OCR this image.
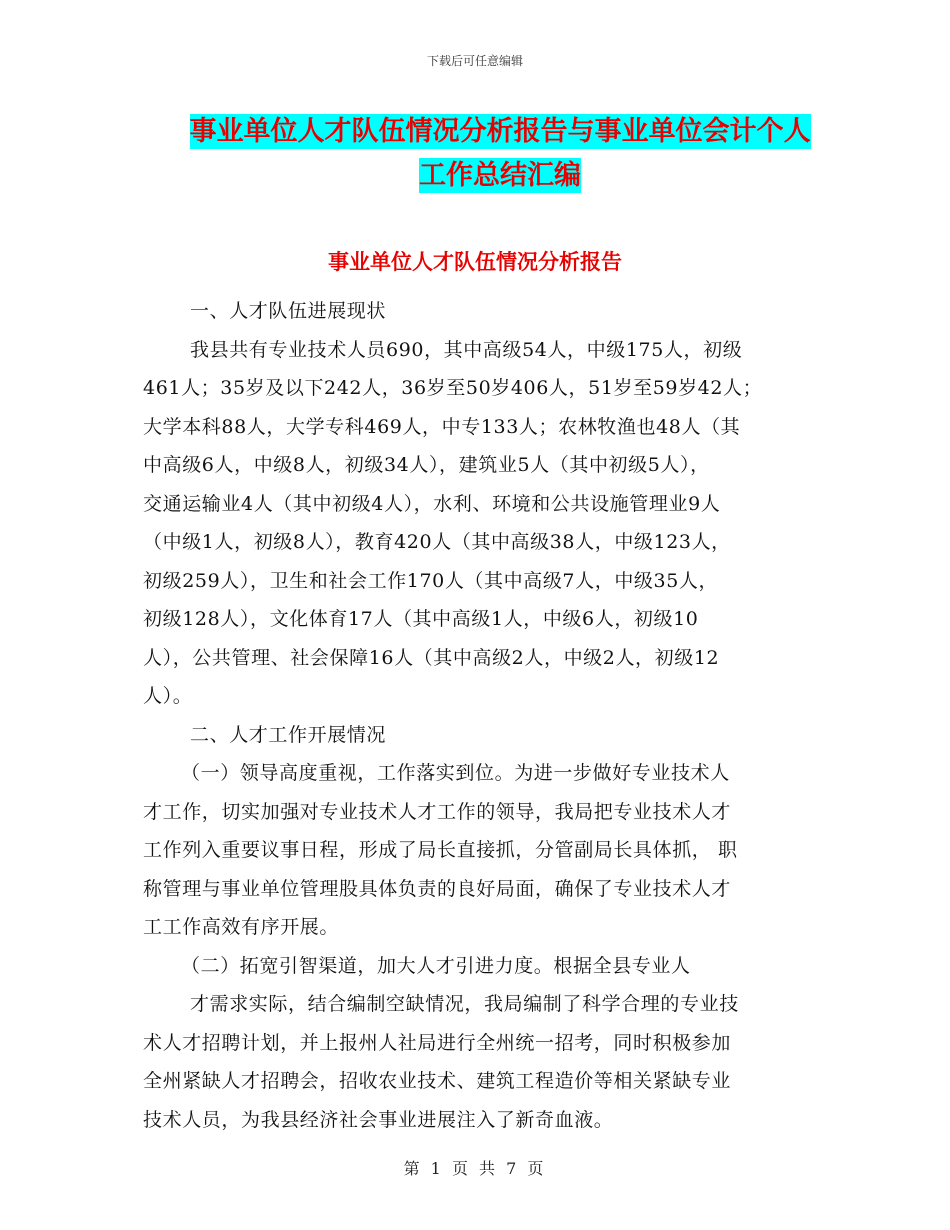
下载后可任意编辑
事业单位人才队伍情况分析报告与事业单位会计个人
工作总结汇编
事业单位人才队伍情况分析报告
一、人才队伍进展现状
我县共有专业技术人员690，其中高级54人，中级175人，初级
461人；35岁及以下242人，36岁至50岁406人，51岁至59岁42人；
大学本科88人，大学专科469人，中专133人；农林牧渔也48人（其
中高级6人，中级8人，初级34人），建筑业5人（其中初级5人），
交通运输业4人（其中初级4人），水利、环境和公共设施管理业9人
（中级1人，初级8人），教育420人（其中高级38人，中级123人，
初级259人），卫生和社会工作170人（其中高级7人，中级35人，
初级128人），文化体育17人（其中高级1人，中级6人，初级10
人），公共管理、社会保障16人（其中高级2人，中级2人，初级12
人）。
二、人才工作开展情况
（一）领导高度重视，工作落实到位。为进一步做好专业技术人
才工作，切实加强对专业技术人才工作的领导，我局把专业技术人才
工作列入重要议事日程，形成了局长直接抓，分管副局长具体抓， 职
称管理与事业单位管理股具体负责的良好局面，确保了专业技术人才
工工作高效有序开展。
（二）拓宽引智渠道，加大人才引进力度。根据全县专业人
才需求实际，结合编制空缺情况，我局编制了科学合理的专业技
术人才招聘计划，并上报州人社局进行全州统一招考，同时积极参加
全州紧缺人才招聘会，招收农业技术、建筑工程造价等相关紧缺专业
技术人员，为我县经济社会事业进展注入了新奇血液。
第 1 页 共 7 页
